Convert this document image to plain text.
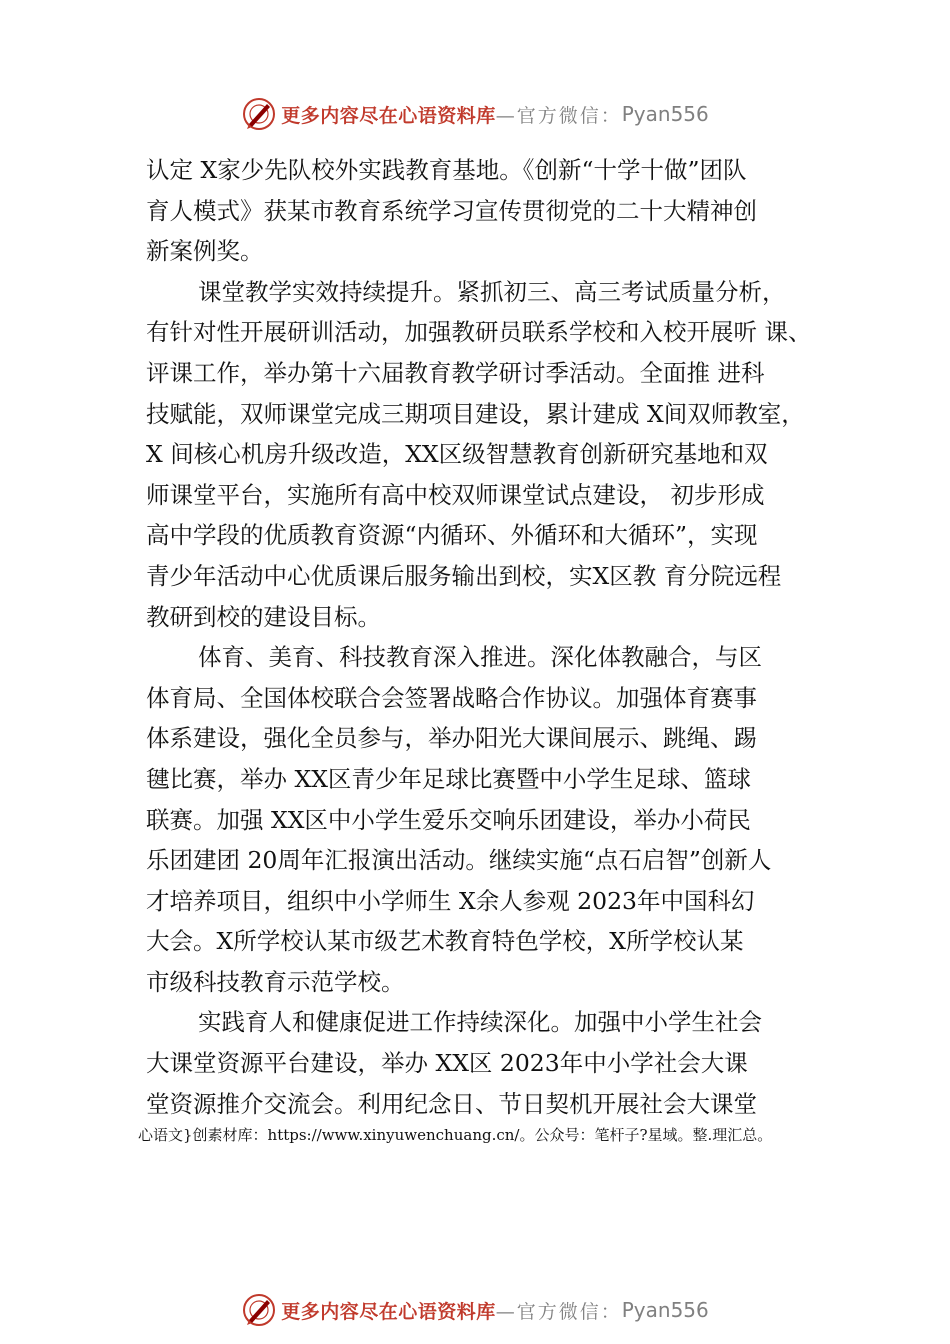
更多内容尽在心语资料库 —官方微信： Pyan556

认定 X家少先队校外实践教育基地。《创新“十学十做”团队
育人模式》获某市教育系统学习宣传贯彻党的二十大精神创
新案例奖。

课堂教学实效持续提升。紧抓初三、高三考试质量分析，
有针对性开展研训活动，加强教研员联系学校和入校开展听 课、
评课工作，举办第十六届教育教学研讨季活动。全面推 进科
技赋能，双师课堂完成三期项目建设，累计建成 X间双师教室，
X 间核心机房升级改造，XX区级智慧教育创新研究基地和双
师课堂平台，实施所有高中校双师课堂试点建设， 初步形成
高中学段的优质教育资源“内循环、外循环和大循环”，实现
青少年活动中心优质课后服务输出到校，实X区教 育分院远程
教研到校的建设目标。

体育、美育、科技教育深入推进。深化体教融合，与区
体育局、全国体校联合会签署战略合作协议。加强体育赛事
体系建设，强化全员参与，举办阳光大课间展示、跳绳、踢
毽比赛，举办 XX区青少年足球比赛暨中小学生足球、篮球
联赛。加强 XX区中小学生爱乐交响乐团建设，举办小荷民
乐团建团 20周年汇报演出活动。继续实施“点石启智”创新人
才培养项目，组织中小学师生 X余人参观 2023年中国科幻
大会。X所学校认某市级艺术教育特色学校，X所学校认某
市级科技教育示范学校。

实践育人和健康促进工作持续深化。加强中小学生社会
大课堂资源平台建设，举办 XX区 2023年中小学社会大课
堂资源推介交流会。利用纪念日、节日契机开展社会大课堂

心语文}创素材库：https://www.xinyuwenchuang.cn/。公众号：笔杆子?星域。整.理汇总。
更多内容尽在心语资料库 —官方微信： Pyan556
